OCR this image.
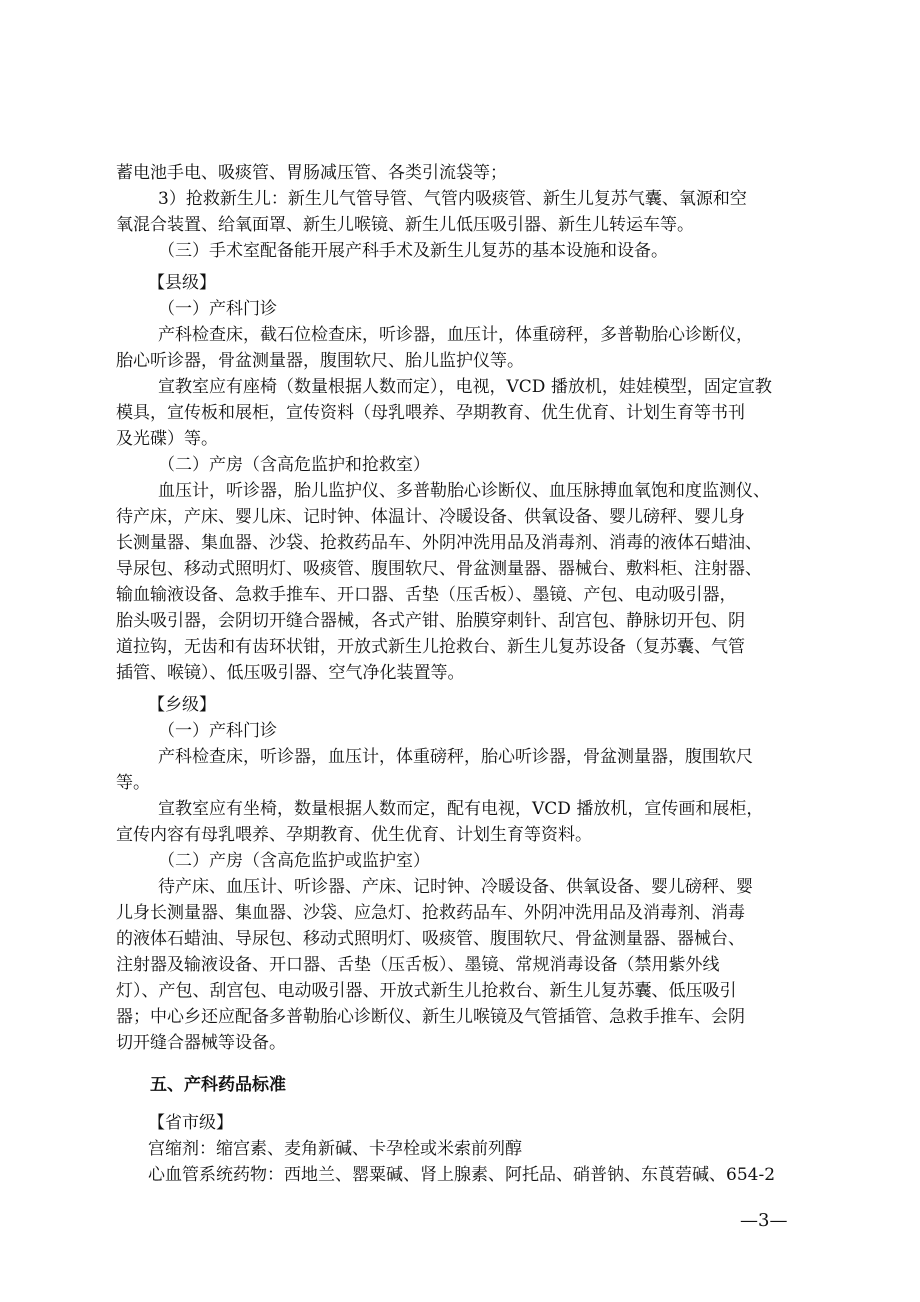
蓄电池手电、吸痰管、胃肠减压管、各类引流袋等；
3）抢救新生儿：新生儿气管导管、气管内吸痰管、新生儿复苏气囊、氧源和空
氧混合装置、给氧面罩、新生儿喉镜、新生儿低压吸引器、新生儿转运车等。
（三）手术室配备能开展产科手术及新生儿复苏的基本设施和设备。
【县级】
（一）产科门诊
产科检查床，截石位检查床，听诊器，血压计，体重磅秤，多普勒胎心诊断仪，
胎心听诊器，骨盆测量器，腹围软尺、胎儿监护仪等。
宣教室应有座椅（数量根据人数而定），电视，VCD 播放机，娃娃模型，固定宣教
模具，宣传板和展柜，宣传资料（母乳喂养、孕期教育、优生优育、计划生育等书刊
及光碟）等。
（二）产房（含高危监护和抢救室）
血压计，听诊器，胎儿监护仪、多普勒胎心诊断仪、血压脉搏血氧饱和度监测仪、
待产床，产床、婴儿床、记时钟、体温计、冷暖设备、供氧设备、婴儿磅秤、婴儿身
长测量器、集血器、沙袋、抢救药品车、外阴冲洗用品及消毒剂、消毒的液体石蜡油、
导尿包、移动式照明灯、吸痰管、腹围软尺、骨盆测量器、器械台、敷料柜、注射器、
输血输液设备、急救手推车、开口器、舌垫（压舌板）、墨镜、产包、电动吸引器，
胎头吸引器，会阴切开缝合器械，各式产钳、胎膜穿刺针、刮宫包、静脉切开包、阴
道拉钩，无齿和有齿环状钳，开放式新生儿抢救台、新生儿复苏设备（复苏囊、气管
插管、喉镜）、低压吸引器、空气净化装置等。
【乡级】
（一）产科门诊
产科检查床，听诊器，血压计，体重磅秤，胎心听诊器，骨盆测量器，腹围软尺
等。
宣教室应有坐椅，数量根据人数而定，配有电视，VCD 播放机，宣传画和展柜，
宣传内容有母乳喂养、孕期教育、优生优育、计划生育等资料。
（二）产房（含高危监护或监护室）
待产床、血压计、听诊器、产床、记时钟、冷暖设备、供氧设备、婴儿磅秤、婴
儿身长测量器、集血器、沙袋、应急灯、抢救药品车、外阴冲洗用品及消毒剂、消毒
的液体石蜡油、导尿包、移动式照明灯、吸痰管、腹围软尺、骨盆测量器、器械台、
注射器及输液设备、开口器、舌垫（压舌板）、墨镜、常规消毒设备（禁用紫外线
灯）、产包、刮宫包、电动吸引器、开放式新生儿抢救台、新生儿复苏囊、低压吸引
器；中心乡还应配备多普勒胎心诊断仪、新生儿喉镜及气管插管、急救手推车、会阴
切开缝合器械等设备。
五、产科药品标准
【省市级】
宫缩剂：缩宫素、麦角新碱、卡孕栓或米索前列醇
心血管系统药物：西地兰、罂粟碱、肾上腺素、阿托品、硝普钠、东莨菪碱、654-2
—3—
